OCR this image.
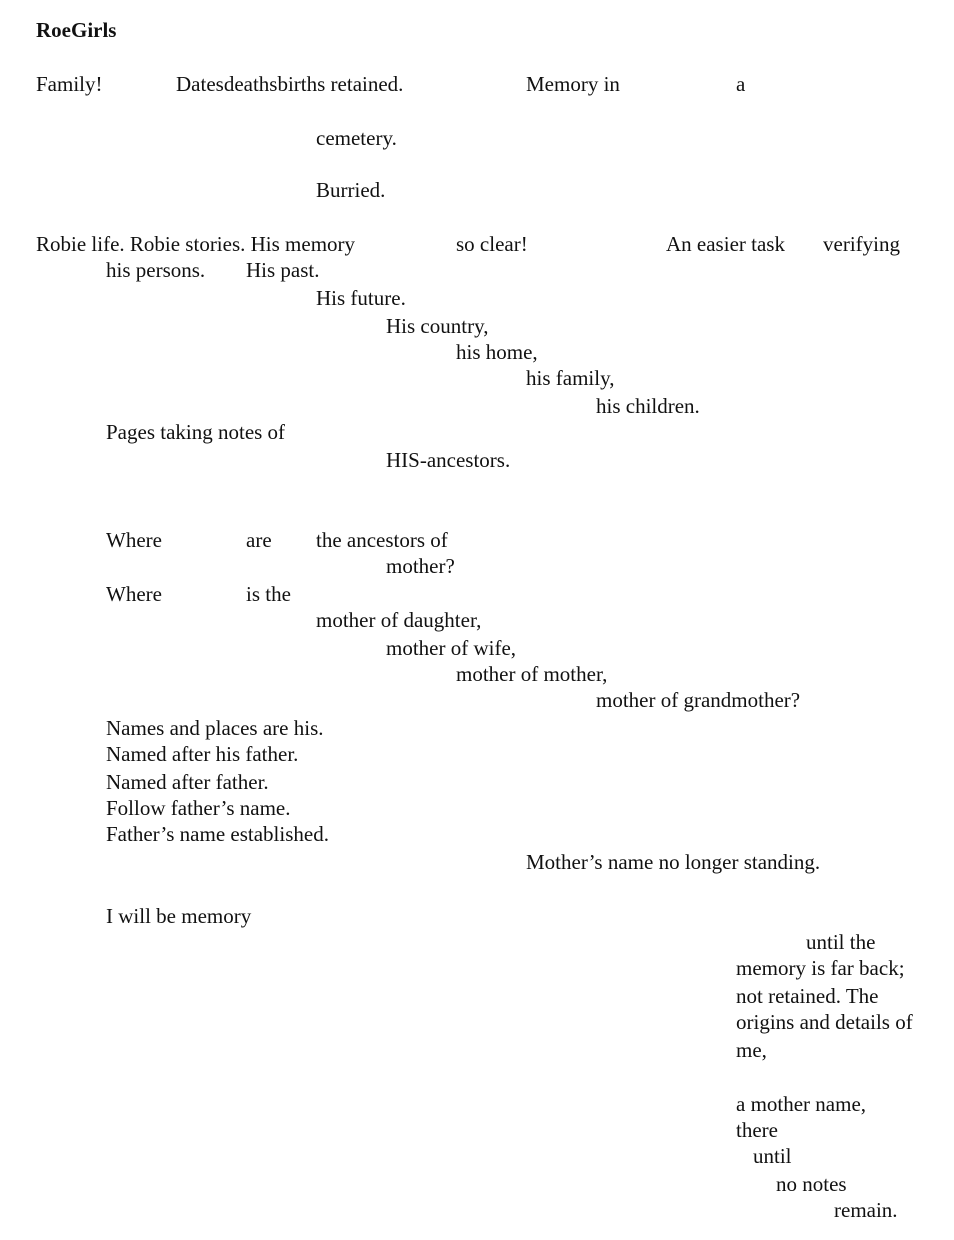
RoeGirls

Family!	Datesdeathsbirths retained.	Memory in	a

cemetery.

Burried.

Robie life. Robie stories. His memory	so clear!	An easier task verifying

his persons. His past.

His future.

His country,

his home,

his family,

his children.

Pages taking notes of

HIS-ancestors.

Where	are the ancestors of

mother?

Where	is the

mother of daughter,

mother of wife,

mother of mother,

mother of grandmother?

Names and places are his.

Named after his father.

Named after father.

Follow father’s name.

Father’s name established.

Mother’s name no longer standing.

I will be memory

until the

memory is far back;

not retained. The

origins and details of

me,

a mother name,

there

until

no notes

remain.
